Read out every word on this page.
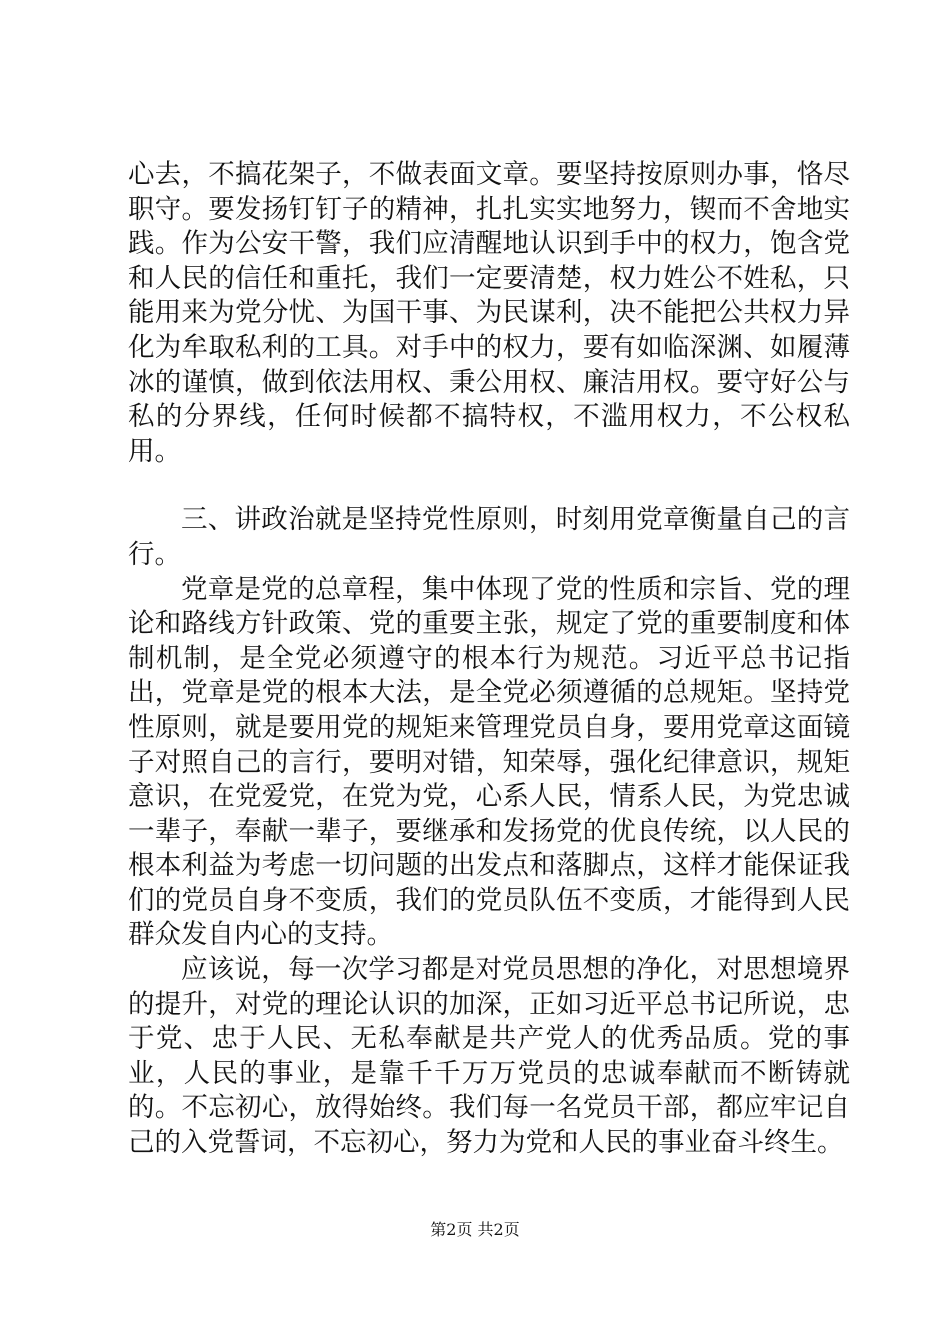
心去，不搞花架子，不做表面文章。要坚持按原则办事，恪尽职守。要发扬钉钉子的精神，扎扎实实地努力，锲而不舍地实践。作为公安干警，我们应清醒地认识到手中的权力，饱含党和人民的信任和重托，我们一定要清楚，权力姓公不姓私，只能用来为党分忧、为国干事、为民谋利，决不能把公共权力异化为牟取私利的工具。对手中的权力，要有如临深渊、如履薄冰的谨慎，做到依法用权、秉公用权、廉洁用权。要守好公与私的分界线，任何时候都不搞特权，不滥用权力，不公权私用。

三、讲政治就是坚持党性原则，时刻用党章衡量自己的言行。

党章是党的总章程，集中体现了党的性质和宗旨、党的理论和路线方针政策、党的重要主张，规定了党的重要制度和体制机制，是全党必须遵守的根本行为规范。习近平总书记指出，党章是党的根本大法，是全党必须遵循的总规矩。坚持党性原则，就是要用党的规矩来管理党员自身，要用党章这面镜子对照自己的言行，要明对错，知荣辱，强化纪律意识，规矩意识，在党爱党，在党为党，心系人民，情系人民，为党忠诚一辈子，奉献一辈子，要继承和发扬党的优良传统，以人民的根本利益为考虑一切问题的出发点和落脚点，这样才能保证我们的党员自身不变质，我们的党员队伍不变质，才能得到人民群众发自内心的支持。

应该说，每一次学习都是对党员思想的净化，对思想境界的提升，对党的理论认识的加深，正如习近平总书记所说，忠于党、忠于人民、无私奉献是共产党人的优秀品质。党的事业，人民的事业，是靠千千万万党员的忠诚奉献而不断铸就的。不忘初心，放得始终。我们每一名党员干部，都应牢记自己的入党誓词，不忘初心，努力为党和人民的事业奋斗终生。

第2页 共2页
